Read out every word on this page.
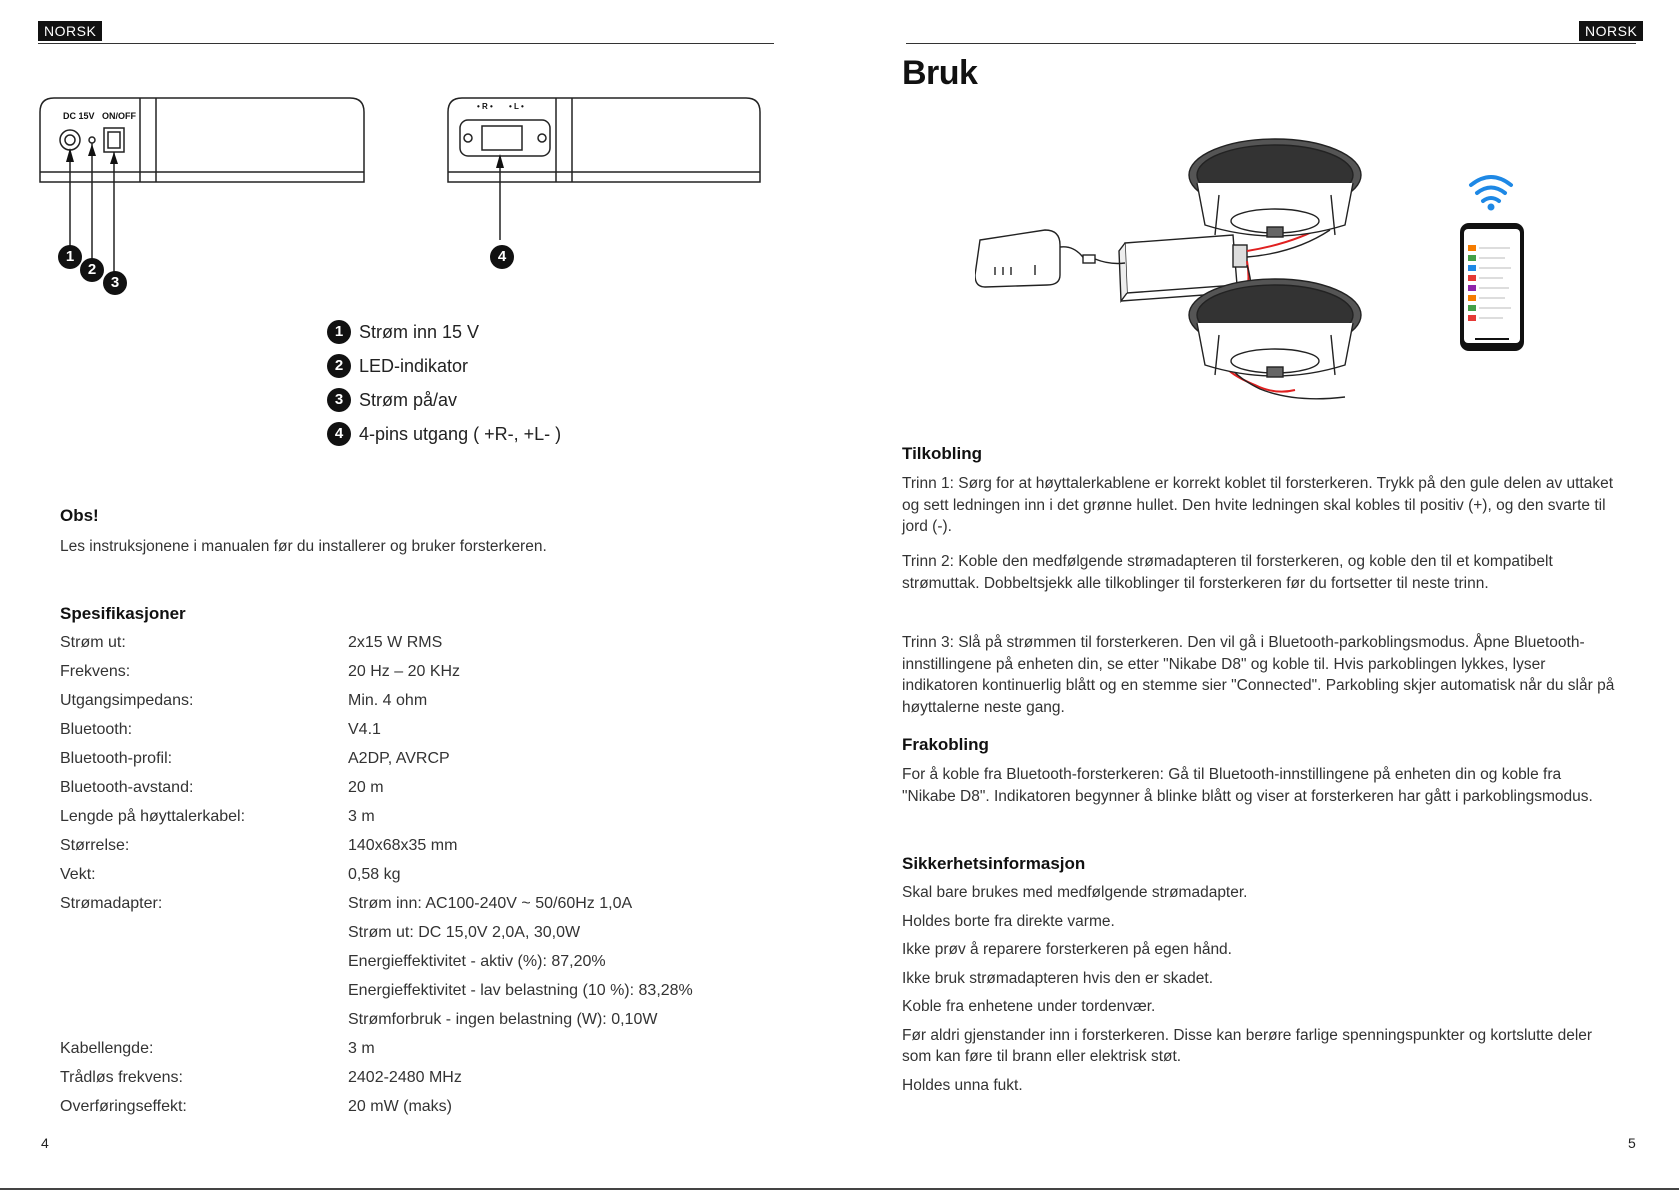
NORSK
DC 15V ON/OFF
• R • • L •
1
2
3
4
1 Strøm inn 15 V
2 LED-indikator
3 Strøm på/av
4 4-pins utgang ( +R-, +L- )
Obs!
Les instruksjonene i manualen før du installerer og bruker forsterkeren.
Spesifikasjoner
Strøm ut:	2x15 W RMS
Frekvens:	20 Hz – 20 KHz
Utgangsimpedans:	Min. 4 ohm
Bluetooth:	V4.1
Bluetooth-profil:	A2DP, AVRCP
Bluetooth-avstand:	20 m
Lengde på høyttalerkabel:	3 m
Størrelse:	140x68x35 mm
Vekt:	0,58 kg
Strømadapter:	Strøm inn: AC100-240V ~ 50/60Hz 1,0A
Strøm ut: DC 15,0V 2,0A, 30,0W
Energieffektivitet - aktiv (%): 87,20%
Energieffektivitet - lav belastning (10 %): 83,28%
Strømforbruk - ingen belastning (W): 0,10W
Kabellengde:	3 m
Trådløs frekvens:	2402-2480 MHz
Overføringseffekt:	20 mW (maks)
4
NORSK
Bruk
Tilkobling
Trinn 1: Sørg for at høyttalerkablene er korrekt koblet til forsterkeren. Trykk på den gule delen av uttaket og sett ledningen inn i det grønne hullet. Den hvite ledningen skal kobles til positiv (+), og den svarte til jord (-).
Trinn 2: Koble den medfølgende strømadapteren til forsterkeren, og koble den til et kompatibelt strømuttak. Dobbeltsjekk alle tilkoblinger til forsterkeren før du fortsetter til neste trinn.
Trinn 3: Slå på strømmen til forsterkeren. Den vil gå i Bluetooth-parkoblingsmodus. Åpne Bluetooth-innstillingene på enheten din, se etter "Nikabe D8" og koble til. Hvis parkoblingen lykkes, lyser indikatoren kontinuerlig blått og en stemme sier "Connected". Parkobling skjer automatisk når du slår på høyttalerne neste gang.
Frakobling
For å koble fra Bluetooth-forsterkeren: Gå til Bluetooth-innstillingene på enheten din og koble fra "Nikabe D8". Indikatoren begynner å blinke blått og viser at forsterkeren har gått i parkoblingsmodus.
Sikkerhetsinformasjon
Skal bare brukes med medfølgende strømadapter.
Holdes borte fra direkte varme.
Ikke prøv å reparere forsterkeren på egen hånd.
Ikke bruk strømadapteren hvis den er skadet.
Koble fra enhetene under tordenvær.
Før aldri gjenstander inn i forsterkeren. Disse kan berøre farlige spenningspunkter og kortslutte deler som kan føre til brann eller elektrisk støt.
Holdes unna fukt.
5
